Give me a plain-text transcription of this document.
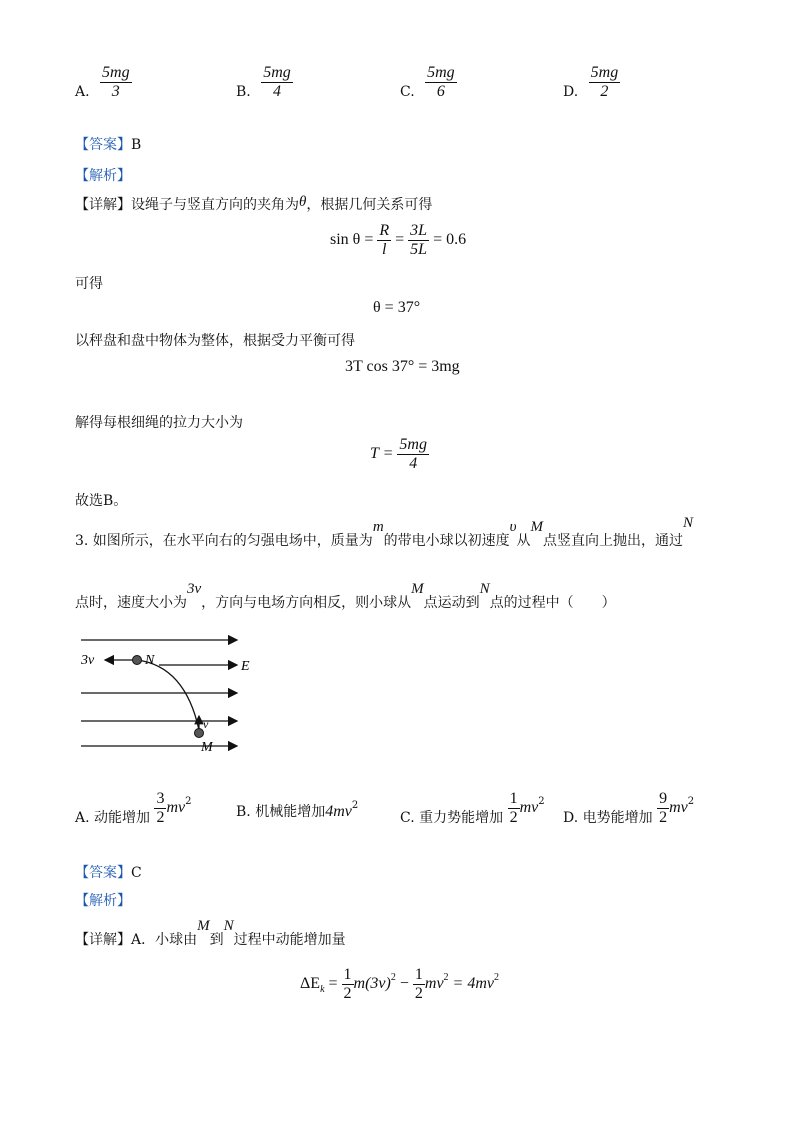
A. $\frac{5mg}{3}$	B. $\frac{5mg}{4}$	C. $\frac{5mg}{6}$	D. $\frac{5mg}{2}$
【答案】B
【解析】
【详解】设绳子与竖直方向的夹角为θ，根据几何关系可得
$\sin \theta = \frac{R}{l} = \frac{3L}{5L} = 0.6$
可得
θ = 37°
以秤盘和盘中物体为整体，根据受力平衡可得
3T cos 37° = 3mg
解得每根细绳的拉力大小为
$T = \frac{5mg}{4}$
故选B。
3. 如图所示，在水平向右的匀强电场中，质量为m的带电小球以初速度υ从M点竖直向上抛出，通过N
点时，速度大小为3v，方向与电场方向相反，则小球从M点运动到N点的过程中（　　）
3v	N	E
v
M
A. 动能增加 $\frac{3}{2} mv^2$
B. 机械能增加$4mv^2$
C. 重力势能增加 $\frac{1}{2} mv^2$
D. 电势能增加 $\frac{9}{2} mv^2$
【答案】C
【解析】
【详解】A．小球由M到N过程中动能增加量
$\Delta E_k = \frac{1}{2} m(3v)^2 - \frac{1}{2} mv^2 = 4mv^2$
